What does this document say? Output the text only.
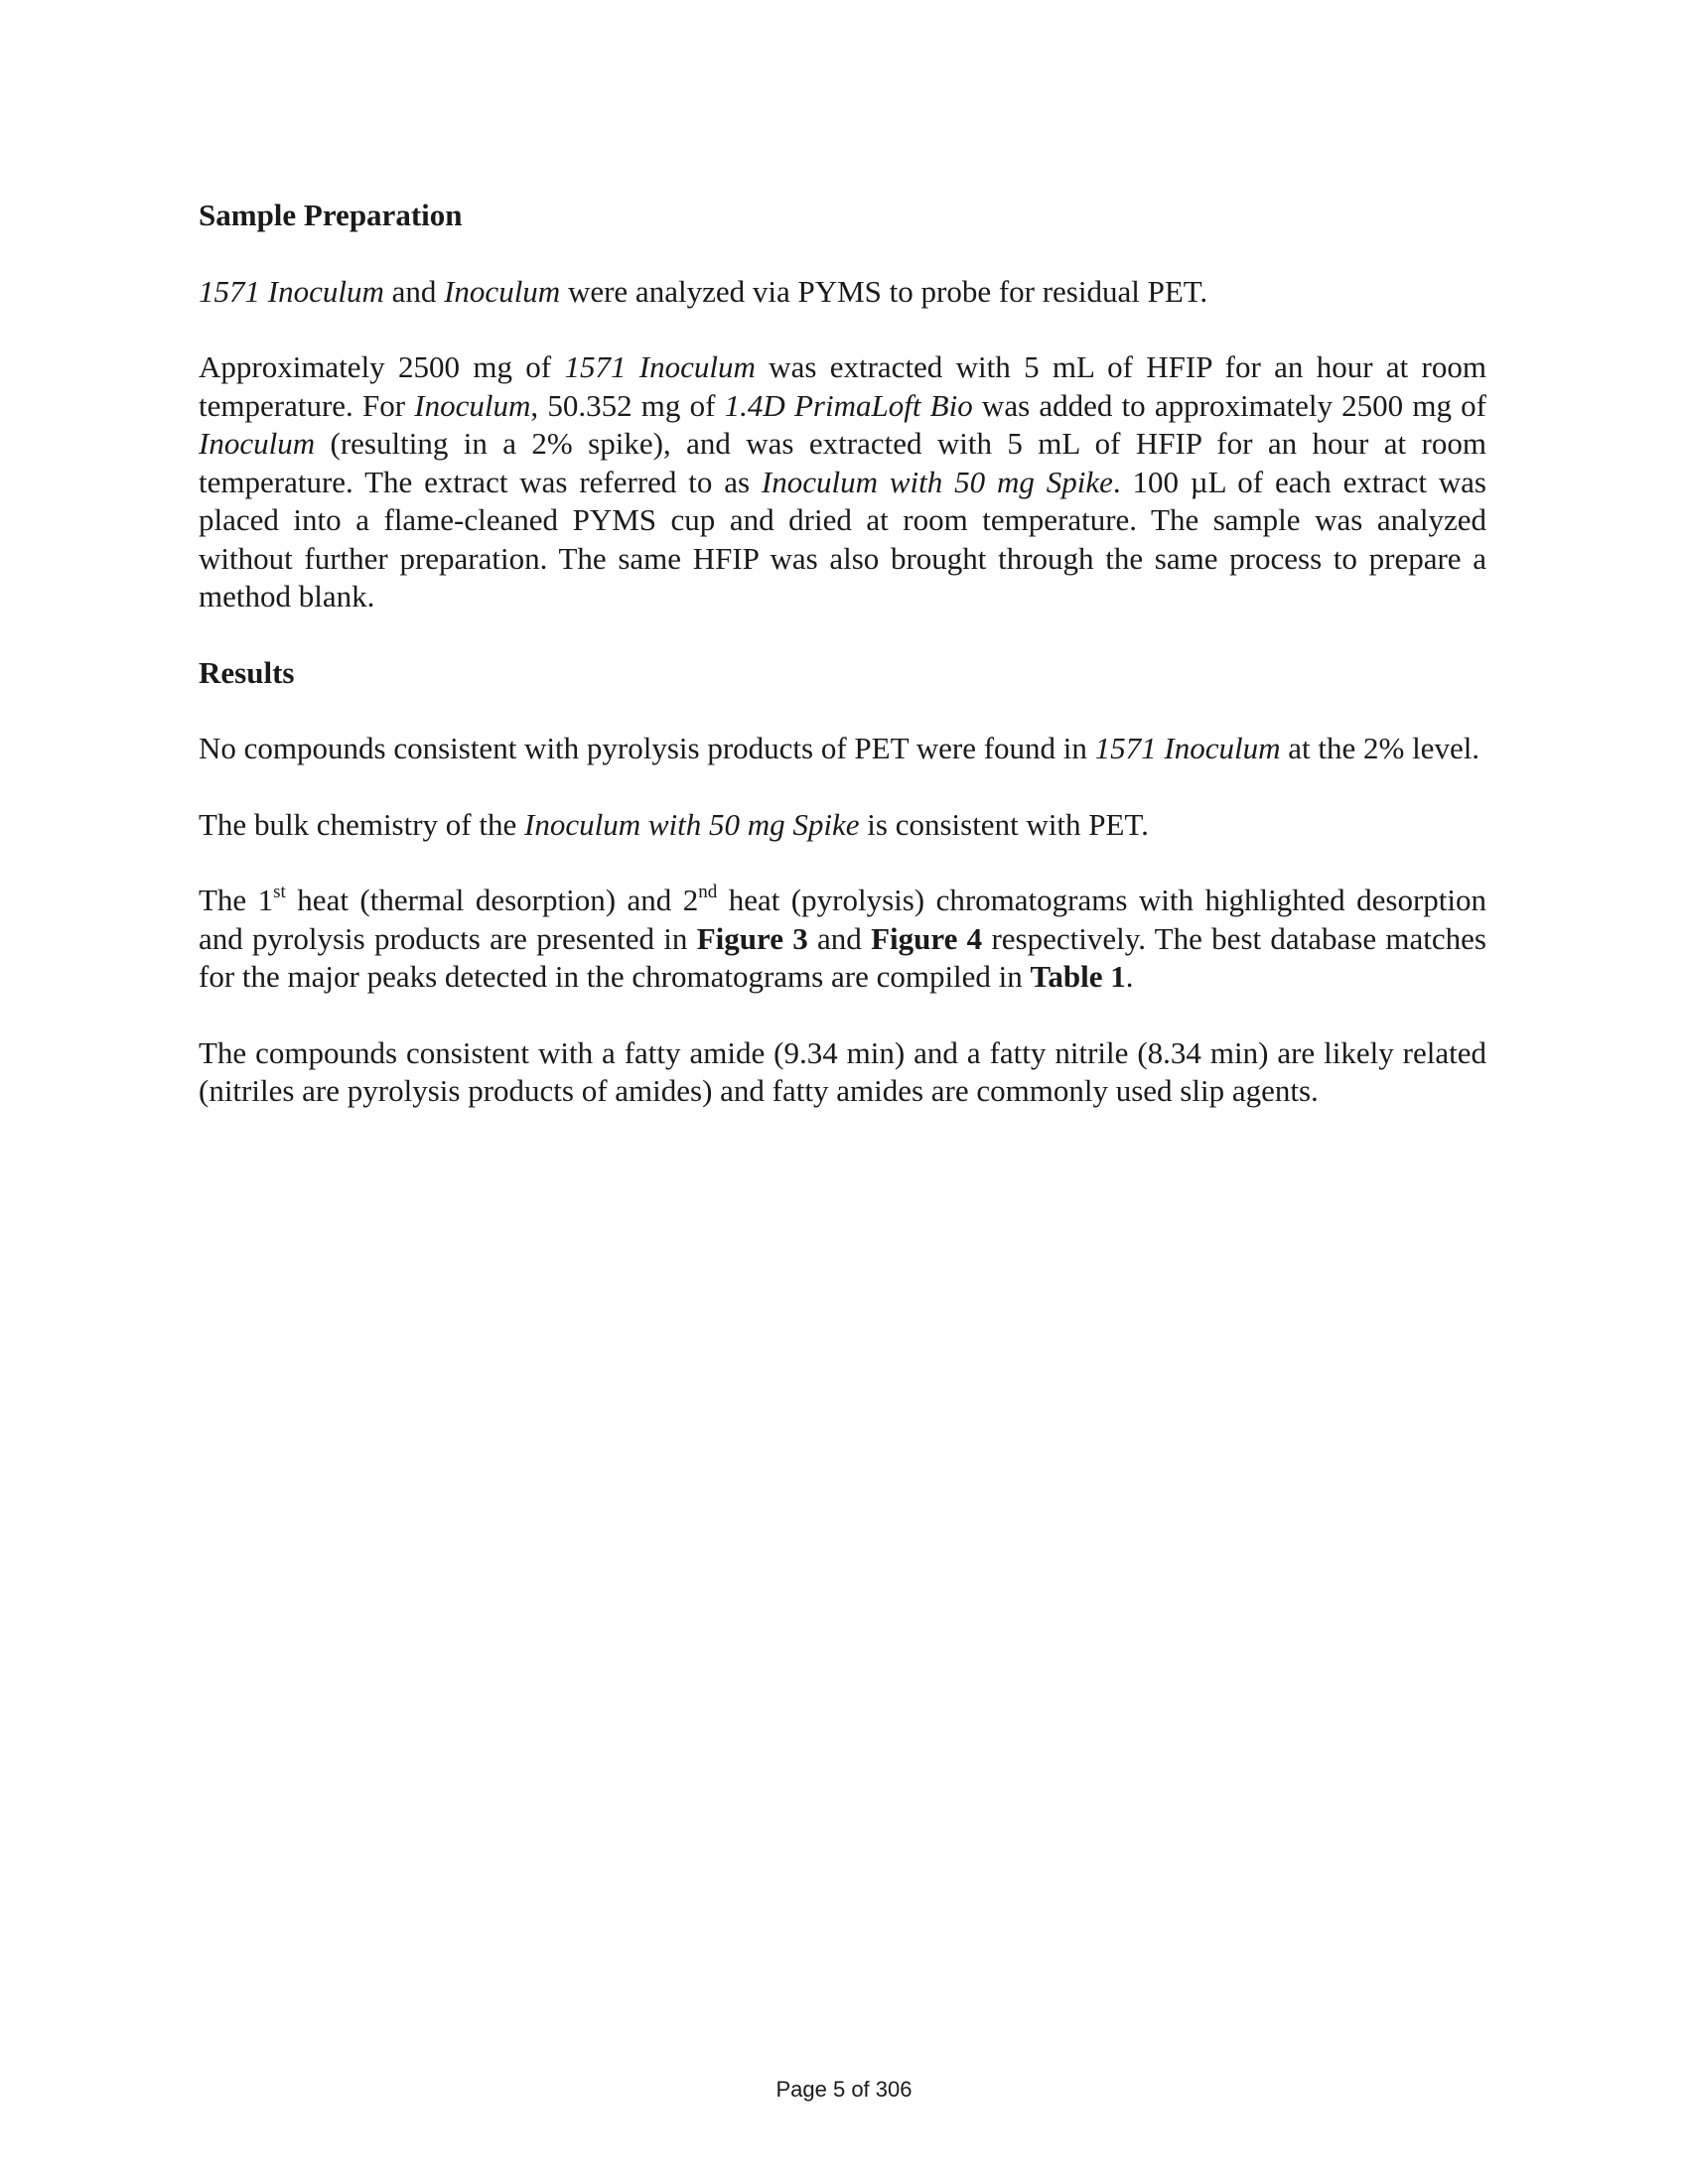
Sample Preparation

1571 Inoculum and Inoculum were analyzed via PYMS to probe for residual PET.

Approximately 2500 mg of 1571 Inoculum was extracted with 5 mL of HFIP for an hour at room temperature. For Inoculum, 50.352 mg of 1.4D PrimaLoft Bio was added to approximately 2500 mg of Inoculum (resulting in a 2% spike), and was extracted with 5 mL of HFIP for an hour at room temperature. The extract was referred to as Inoculum with 50 mg Spike. 100 µL of each extract was placed into a flame-cleaned PYMS cup and dried at room temperature. The sample was analyzed without further preparation. The same HFIP was also brought through the same process to prepare a method blank.

Results

No compounds consistent with pyrolysis products of PET were found in 1571 Inoculum at the 2% level.

The bulk chemistry of the Inoculum with 50 mg Spike is consistent with PET.

The 1st heat (thermal desorption) and 2nd heat (pyrolysis) chromatograms with highlighted desorption and pyrolysis products are presented in Figure 3 and Figure 4 respectively. The best database matches for the major peaks detected in the chromatograms are compiled in Table 1.

The compounds consistent with a fatty amide (9.34 min) and a fatty nitrile (8.34 min) are likely related (nitriles are pyrolysis products of amides) and fatty amides are commonly used slip agents.

Page 5 of 306
